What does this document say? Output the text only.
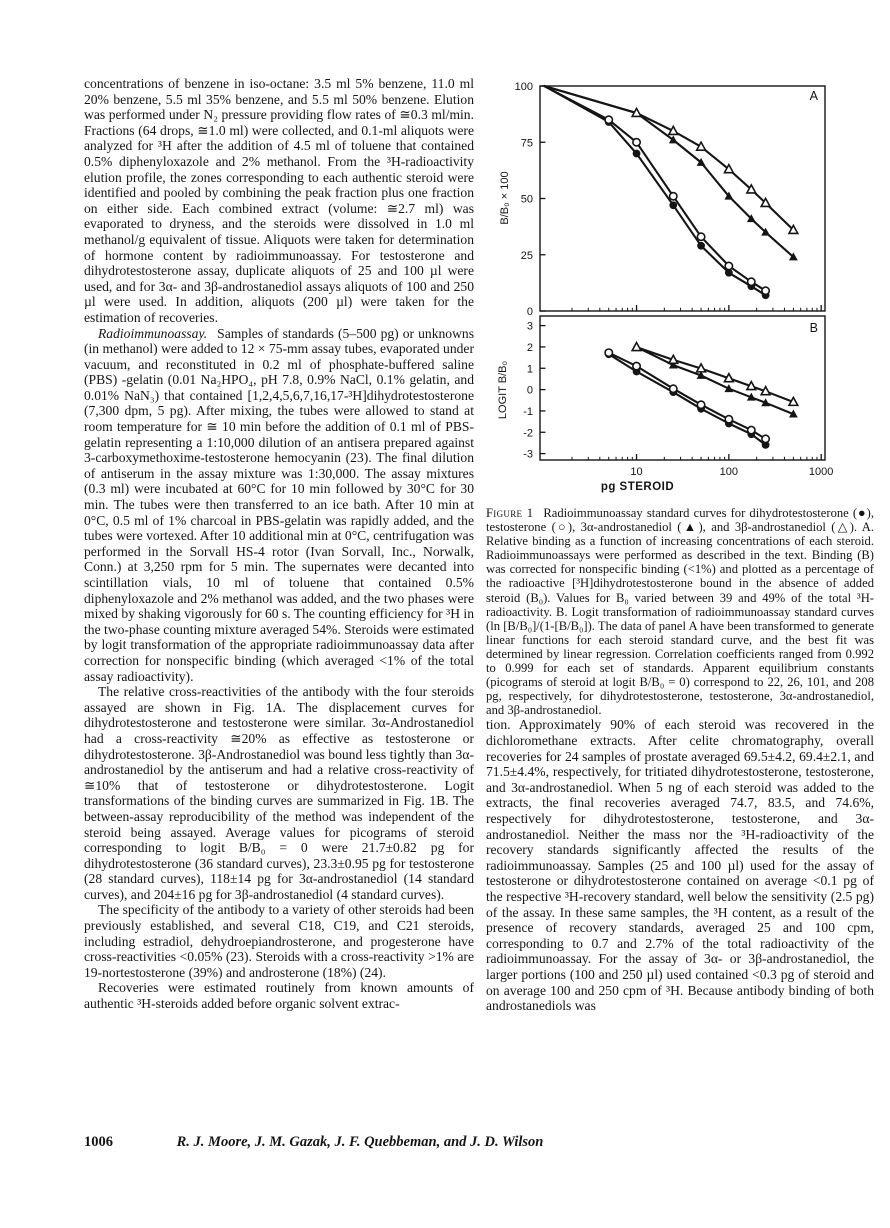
concentrations of benzene in iso-octane: 3.5 ml 5% benzene, 11.0 ml 20% benzene, 5.5 ml 35% benzene, and 5.5 ml 50% benzene. Elution was performed under N₂ pressure providing flow rates of ≅0.3 ml/min. Fractions (64 drops, ≅1.0 ml) were collected, and 0.1-ml aliquots were analyzed for ³H after the addition of 4.5 ml of toluene that contained 0.5% diphenyloxazole and 2% methanol. From the ³H-radioactivity elution profile, the zones corresponding to each authentic steroid were identified and pooled by combining the peak fraction plus one fraction on either side. Each combined extract (volume: ≅2.7 ml) was evaporated to dryness, and the steroids were dissolved in 1.0 ml methanol/g equivalent of tissue. Aliquots were taken for determination of hormone content by radioimmunoassay. For testosterone and dihydrotestosterone assay, duplicate aliquots of 25 and 100 µl were used, and for 3α- and 3β-androstanediol assays aliquots of 100 and 250 µl were used. In addition, aliquots (200 µl) were taken for the estimation of recoveries.

Radioimmunoassay. Samples of standards (5–500 pg) or unknowns (in methanol) were added to 12 × 75-mm assay tubes, evaporated under vacuum, and reconstituted in 0.2 ml of phosphate-buffered saline (PBS) -gelatin (0.01 Na₂HPO₄, pH 7.8, 0.9% NaCl, 0.1% gelatin, and 0.01% NaN₃) that contained [1,2,4,5,6,7,16,17-³H]dihydrotestosterone (7,300 dpm, 5 pg). After mixing, the tubes were allowed to stand at room temperature for ≅ 10 min before the addition of 0.1 ml of PBS-gelatin representing a 1:10,000 dilution of an antisera prepared against 3-carboxymethoxime-testosterone hemocyanin (23). The final dilution of antiserum in the assay mixture was 1:30,000. The assay mixtures (0.3 ml) were incubated at 60°C for 10 min followed by 30°C for 30 min. The tubes were then transferred to an ice bath. After 10 min at 0°C, 0.5 ml of 1% charcoal in PBS-gelatin was rapidly added, and the tubes were vortexed. After 10 additional min at 0°C, centrifugation was performed in the Sorvall HS-4 rotor (Ivan Sorvall, Inc., Norwalk, Conn.) at 3,250 rpm for 5 min. The supernates were decanted into scintillation vials, 10 ml of toluene that contained 0.5% diphenyloxazole and 2% methanol was added, and the two phases were mixed by shaking vigorously for 60 s. The counting efficiency for ³H in the two-phase counting mixture averaged 54%. Steroids were estimated by logit transformation of the appropriate radioimmunoassay data after correction for nonspecific binding (which averaged <1% of the total assay radioactivity).

The relative cross-reactivities of the antibody with the four steroids assayed are shown in Fig. 1A. The displacement curves for dihydrotestosterone and testosterone were similar. 3α-Androstanediol had a cross-reactivity ≅20% as effective as testosterone or dihydrotestosterone. 3β-Androstanediol was bound less tightly than 3α-androstanediol by the antiserum and had a relative cross-reactivity of ≅10% that of testosterone or dihydrotestosterone. Logit transformations of the binding curves are summarized in Fig. 1B. The between-assay reproducibility of the method was independent of the steroid being assayed. Average values for picograms of steroid corresponding to logit B/B₀ = 0 were 21.7±0.82 pg for dihydrotestosterone (36 standard curves), 23.3±0.95 pg for testosterone (28 standard curves), 118±14 pg for 3α-androstanediol (14 standard curves), and 204±16 pg for 3β-androstanediol (4 standard curves).

The specificity of the antibody to a variety of other steroids had been previously established, and several C18, C19, and C21 steroids, including estradiol, dehydroepiandrosterone, and progesterone have cross-reactivities <0.05% (23). Steroids with a cross-reactivity >1% are 19-nortestosterone (39%) and androsterone (18%) (24).

Recoveries were estimated routinely from known amounts of authentic ³H-steroids added before organic solvent extrac-

0
25
50
75
100
A
B/B₀ × 100
-3
-2
-1
0
1
2
3	B
LOGIT B/B₀
10	100	1000
pg STEROID

Figure 1 Radioimmunoassay standard curves for dihydrotestosterone (●), testosterone (○), 3α-androstanediol (▲), and 3β-androstanediol (△). A. Relative binding as a function of increasing concentrations of each steroid. Radioimmunoassays were performed as described in the text. Binding (B) was corrected for nonspecific binding (<1%) and plotted as a percentage of the radioactive [³H]dihydrotestosterone bound in the absence of added steroid (B₀). Values for B₀ varied between 39 and 49% of the total ³H-radioactivity. B. Logit transformation of radioimmunoassay standard curves (ln [B/B₀]/(1-[B/B₀]). The data of panel A have been transformed to generate linear functions for each steroid standard curve, and the best fit was determined by linear regression. Correlation coefficients ranged from 0.992 to 0.999 for each set of standards. Apparent equilibrium constants (picograms of steroid at logit B/B₀ = 0) correspond to 22, 26, 101, and 208 pg, respectively, for dihydrotestosterone, testosterone, 3α-androstanediol, and 3β-androstanediol.

tion. Approximately 90% of each steroid was recovered in the dichloromethane extracts. After celite chromatography, overall recoveries for 24 samples of prostate averaged 69.5±4.2, 69.4±2.1, and 71.5±4.4%, respectively, for tritiated dihydrotestosterone, testosterone, and 3α-androstanediol. When 5 ng of each steroid was added to the extracts, the final recoveries averaged 74.7, 83.5, and 74.6%, respectively for dihydrotestosterone, testosterone, and 3α-androstanediol. Neither the mass nor the ³H-radioactivity of the recovery standards significantly affected the results of the radioimmunoassay. Samples (25 and 100 µl) used for the assay of testosterone or dihydrotestosterone contained on average <0.1 pg of the respective ³H-recovery standard, well below the sensitivity (2.5 pg) of the assay. In these same samples, the ³H content, as a result of the presence of recovery standards, averaged 25 and 100 cpm, corresponding to 0.7 and 2.7% of the total radioactivity of the radioimmunoassay. For the assay of 3α- or 3β-androstanediol, the larger portions (100 and 250 µl) used contained <0.3 pg of steroid and on average 100 and 250 cpm of ³H. Because antibody binding of both androstanediols was

1006	R. J. Moore, J. M. Gazak, J. F. Quebbeman, and J. D. Wilson
